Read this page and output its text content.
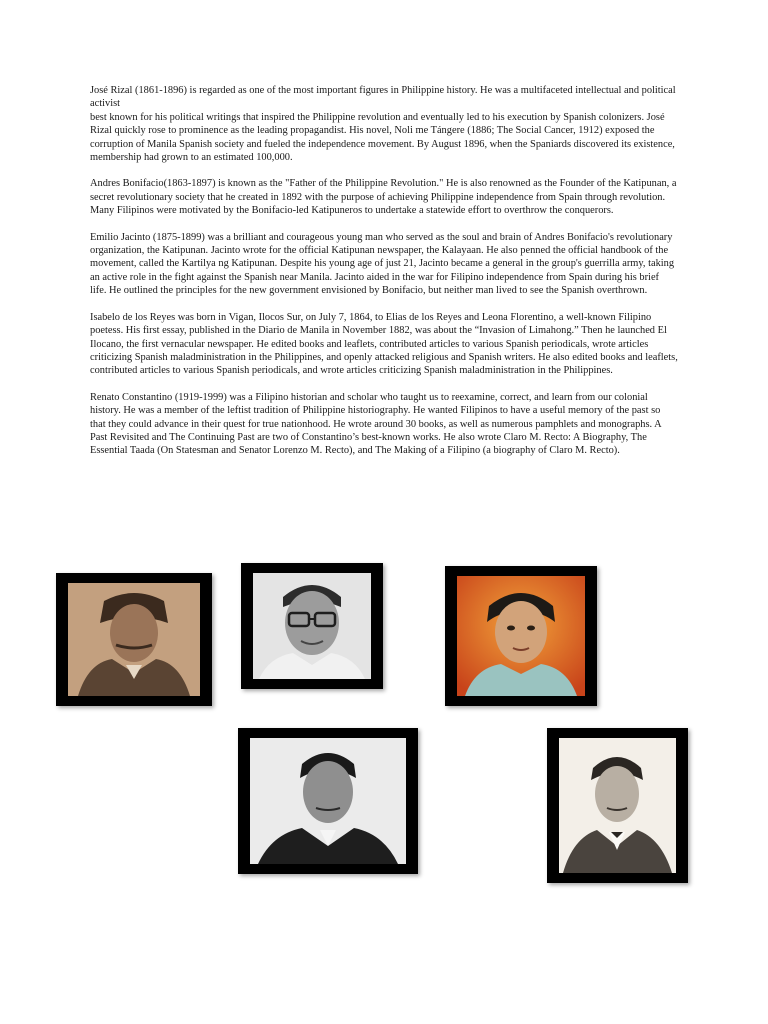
José Rizal (1861-1896) is regarded as one of the most important figures in Philippine history. He was a multifaceted intellectual and political activist
best known for his political writings that inspired the Philippine revolution and eventually led to his execution by Spanish colonizers. José Rizal quickly rose to prominence as the leading propagandist. His novel, Noli me Tángere (1886; The Social Cancer, 1912) exposed the corruption of Manila Spanish society and fueled the independence movement. By August 1896, when the Spaniards discovered its existence, membership had grown to an estimated 100,000.

Andres Bonifacio(1863-1897) is known as the "Father of the Philippine Revolution." He is also renowned as the Founder of the Katipunan, a secret revolutionary society that he created in 1892 with the purpose of achieving Philippine independence from Spain through revolution. Many Filipinos were motivated by the Bonifacio-led Katipuneros to undertake a statewide effort to overthrow the conquerors.

Emilio Jacinto (1875-1899) was a brilliant and courageous young man who served as the soul and brain of Andres Bonifacio's revolutionary organization, the Katipunan. Jacinto wrote for the official Katipunan newspaper, the Kalayaan. He also penned the official handbook of the movement, called the Kartilya ng Katipunan. Despite his young age of just 21, Jacinto became a general in the group's guerrilla army, taking an active role in the fight against the Spanish near Manila. Jacinto aided in the war for Filipino independence from Spain during his brief life. He outlined the principles for the new government envisioned by Bonifacio, but neither man lived to see the Spanish overthrown.

Isabelo de los Reyes was born in Vigan, Ilocos Sur, on July 7, 1864, to Elias de los Reyes and Leona Florentino, a well-known Filipino poetess. His first essay, published in the Diario de Manila in November 1882, was about the “Invasion of Limahong.” Then he launched El Ilocano, the first vernacular newspaper. He edited books and leaflets, contributed articles to various Spanish periodicals, wrote articles criticizing Spanish maladministration in the Philippines, and openly attacked religious and Spanish writers. He also edited books and leaflets, contributed articles to various Spanish periodicals, and wrote articles criticizing Spanish maladministration in the Philippines.

Renato Constantino (1919-1999) was a Filipino historian and scholar who taught us to reexamine, correct, and learn from our colonial history. He was a member of the leftist tradition of Philippine historiography. He wanted Filipinos to have a useful memory of the past so that they could advance in their quest for true nationhood. He wrote around 30 books, as well as numerous pamphlets and monographs. A Past Revisited and The Continuing Past are two of Constantino’s best-known works. He also wrote Claro M. Recto: A Biography, The Essential Taada (On Statesman and Senator Lorenzo M. Recto), and The Making of a Filipino (a biography of Claro M. Recto).
